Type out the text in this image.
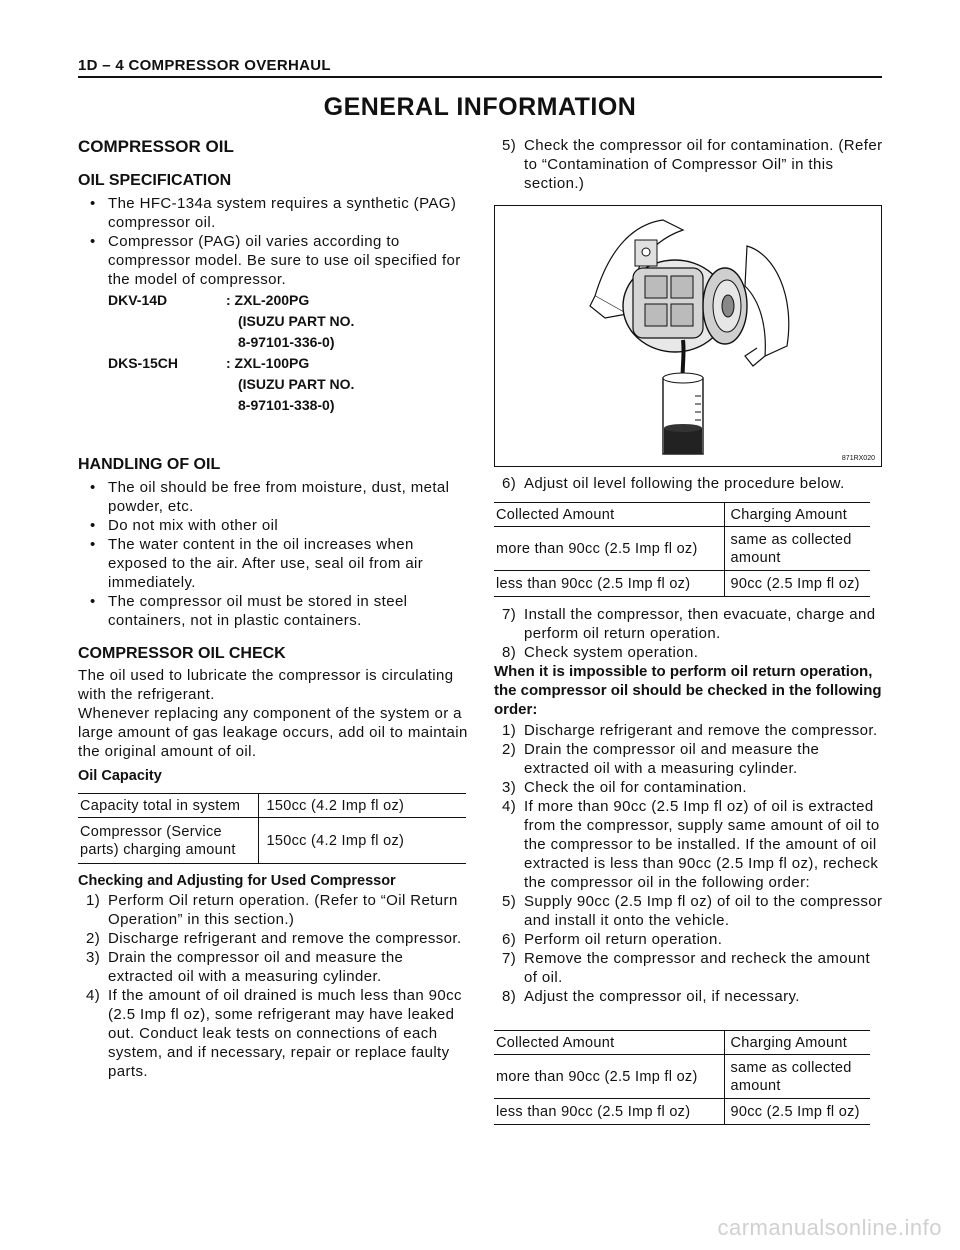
1D – 4 COMPRESSOR OVERHAUL
GENERAL INFORMATION
COMPRESSOR OIL
OIL SPECIFICATION
• The HFC-134a system requires a synthetic (PAG) compressor oil.
• Compressor (PAG) oil varies according to compressor model. Be sure to use oil specified for the model of compressor.
DKV-14D	: ZXL-200PG
(ISUZU PART NO.
8-97101-336-0)
DKS-15CH	: ZXL-100PG
(ISUZU PART NO.
8-97101-338-0)
HANDLING OF OIL
• The oil should be free from moisture, dust, metal powder, etc.
• Do not mix with other oil
• The water content in the oil increases when exposed to the air. After use, seal oil from air immediately.
• The compressor oil must be stored in steel containers, not in plastic containers.
COMPRESSOR OIL CHECK

The oil used to lubricate the compressor is circulating with the refrigerant.

Whenever replacing any component of the system or a large amount of gas leakage occurs, add oil to maintain the original amount of oil.

Oil Capacity
Capacity total in system	150cc (4.2 Imp fl oz)
Compressor (Service parts) charging amount	150cc (4.2 Imp fl oz)
Checking and Adjusting for Used Compressor
1) Perform Oil return operation. (Refer to “Oil Return Operation” in this section.)
2) Discharge refrigerant and remove the compressor.
3) Drain the compressor oil and measure the extracted oil with a measuring cylinder.
4) If the amount of oil drained is much less than 90cc (2.5 Imp fl oz), some refrigerant may have leaked out. Conduct leak tests on connections of each system, and if necessary, repair or replace faulty parts.
5) Check the compressor oil for contamination. (Refer to “Contamination of Compressor Oil” in this section.)
871RX020
6) Adjust oil level following the procedure below.
Collected Amount	Charging Amount
more than 90cc (2.5 Imp fl oz)	same as collected amount
less than 90cc (2.5 Imp fl oz)	90cc (2.5 Imp fl oz)
7) Install the compressor, then evacuate, charge and perform oil return operation.
8) Check system operation.
When it is impossible to perform oil return operation, the compressor oil should be checked in the following order:
1) Discharge refrigerant and remove the compressor.
2) Drain the compressor oil and measure the extracted oil with a measuring cylinder.
3) Check the oil for contamination.
4) If more than 90cc (2.5 Imp fl oz) of oil is extracted from the compressor, supply same amount of oil to the compressor to be installed. If the amount of oil extracted is less than 90cc (2.5 Imp fl oz), recheck the compressor oil in the following order:
5) Supply 90cc (2.5 Imp fl oz) of oil to the compressor and install it onto the vehicle.
6) Perform oil return operation.
7) Remove the compressor and recheck the amount of oil.
8) Adjust the compressor oil, if necessary.
Collected Amount	Charging Amount
more than 90cc (2.5 Imp fl oz)	same as collected amount
less than 90cc (2.5 Imp fl oz)	90cc (2.5 Imp fl oz)
carmanualsonline.info
